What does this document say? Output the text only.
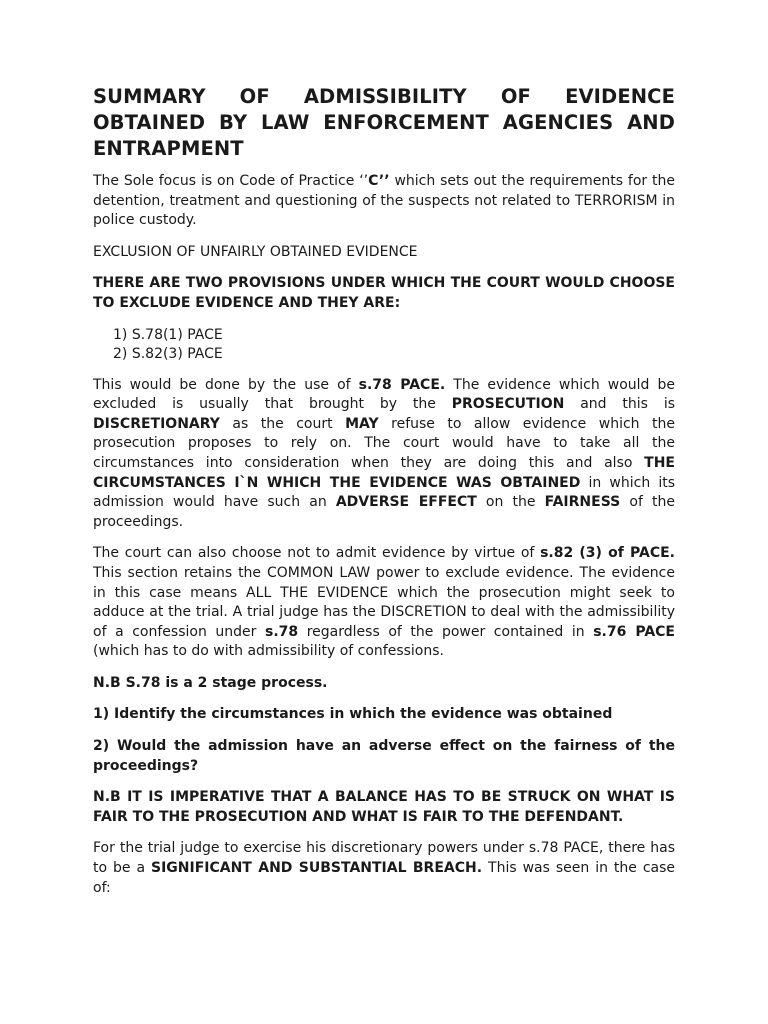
SUMMARY OF ADMISSIBILITY OF EVIDENCE OBTAINED BY LAW ENFORCEMENT AGENCIES AND ENTRAPMENT

The Sole focus is on Code of Practice ‘’C’’ which sets out the requirements for the detention, treatment and questioning of the suspects not related to TERRORISM in police custody.

EXCLUSION OF UNFAIRLY OBTAINED EVIDENCE

THERE ARE TWO PROVISIONS UNDER WHICH THE COURT WOULD CHOOSE TO EXCLUDE EVIDENCE AND THEY ARE:

1) S.78(1) PACE
2) S.82(3) PACE

This would be done by the use of s.78 PACE. The evidence which would be excluded is usually that brought by the PROSECUTION and this is DISCRETIONARY as the court MAY refuse to allow evidence which the prosecution proposes to rely on. The court would have to take all the circumstances into consideration when they are doing this and also THE CIRCUMSTANCES I`N WHICH THE EVIDENCE WAS OBTAINED in which its admission would have such an ADVERSE EFFECT on the FAIRNESS of the proceedings.

The court can also choose not to admit evidence by virtue of s.82 (3) of PACE. This section retains the COMMON LAW power to exclude evidence. The evidence in this case means ALL THE EVIDENCE which the prosecution might seek to adduce at the trial. A trial judge has the DISCRETION to deal with the admissibility of a confession under s.78 regardless of the power contained in s.76 PACE (which has to do with admissibility of confessions.

N.B S.78 is a 2 stage process.

1) Identify the circumstances in which the evidence was obtained

2) Would the admission have an adverse effect on the fairness of the proceedings?

N.B IT IS IMPERATIVE THAT A BALANCE HAS TO BE STRUCK ON WHAT IS FAIR TO THE PROSECUTION AND WHAT IS FAIR TO THE DEFENDANT.

For the trial judge to exercise his discretionary powers under s.78 PACE, there has to be a SIGNIFICANT AND SUBSTANTIAL BREACH. This was seen in the case of:
